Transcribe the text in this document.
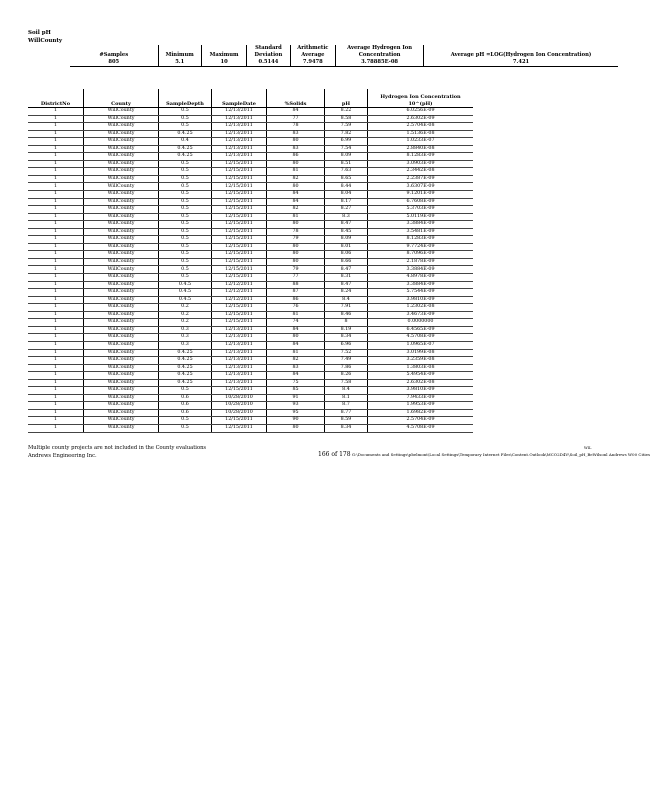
Soil pH
WillCounty
#Samples	Minimum	Maximum	Standard Deviation	Arithmetic Average	Average Hydrogen Ion Concentration	Average pH =LOG(Hydrogen Ion Concentration)
805	5.1	10	0.5144	7.9478	3.78885E-08	7.421
DistrictNo	County	SampleDepth	SampleDate	%Solids	pH	Hydrogen Ion Concentration 10^(pH)
1	WillCounty	0.5	12/13/2011	84	8.22	6.0256E-09
1	WillCounty	0.5	12/13/2011	77	8.58	2.6302E-09
1	WillCounty	0.5	12/13/2011	78	7.59	2.5704E-08
1	WillCounty	0.4.25	12/13/2011	83	7.82	1.5136E-08
1	WillCounty	0.4	12/13/2011	80	6.99	1.0233E-07
1	WillCounty	0.4.25	12/13/2011	83	7.54	2.8840E-08
1	WillCounty	0.4.25	12/13/2011	86	8.09	8.1283E-09
1	WillCounty	0.5	12/15/2011	80	8.51	3.0903E-09
1	WillCounty	0.5	12/15/2011	81	7.63	2.3442E-08
1	WillCounty	0.5	12/15/2011	82	8.65	2.2387E-09
1	WillCounty	0.5	12/15/2011	80	8.44	3.6307E-09
1	WillCounty	0.5	12/15/2011	84	8.04	9.1201E-09
1	WillCounty	0.5	12/15/2011	84	8.17	6.7608E-09
1	WillCounty	0.5	12/15/2011	82	8.27	5.3703E-09
1	WillCounty	0.5	12/15/2011	81	8.3	5.0119E-09
1	WillCounty	0.5	12/15/2011	80	8.47	3.3884E-09
1	WillCounty	0.5	12/15/2011	78	8.45	3.5481E-09
1	WillCounty	0.5	12/15/2011	79	8.09	8.1283E-09
1	WillCounty	0.5	12/15/2011	80	8.01	9.7724E-09
1	WillCounty	0.5	12/15/2011	80	8.06	8.7096E-09
1	WillCounty	0.5	12/15/2011	80	8.66	2.1878E-09
1	WillCounty	0.5	12/15/2011	79	8.47	3.3884E-09
1	WillCounty	0.5	12/15/2011	77	8.31	4.8978E-09
1	WillCounty	0.4.5	12/12/2011	88	8.47	3.3884E-09
1	WillCounty	0.4.5	12/12/2011	87	8.24	5.7544E-09
1	WillCounty	0.4.5	12/12/2011	86	8.4	3.9810E-09
1	WillCounty	0.2	12/15/2011	76	7.91	1.2302E-08
1	WillCounty	0.2	12/15/2011	81	8.46	3.4673E-09
1	WillCounty	0.2	12/15/2011	74	8	0.0000000
1	WillCounty	0.3	12/13/2011	84	8.19	6.4565E-09
1	WillCounty	0.3	12/13/2011	80	8.34	4.5708E-09
1	WillCounty	0.3	12/13/2011	84	6.96	1.0965E-07
1	WillCounty	0.4.25	12/13/2011	81	7.52	3.0199E-08
1	WillCounty	0.4.25	12/13/2011	82	7.49	3.2359E-08
1	WillCounty	0.4.25	12/13/2011	83	7.86	1.3803E-08
1	WillCounty	0.4.25	12/13/2011	84	8.26	5.4954E-09
1	WillCounty	0.4.25	12/13/2011	75	7.58	2.6302E-08
1	WillCounty	0.5	12/15/2011	85	8.4	3.9810E-09
1	WillCounty	0.6	10/28/2010	91	8.1	7.9433E-09
1	WillCounty	0.6	10/28/2010	93	8.7	1.9953E-09
1	WillCounty	0.6	10/28/2010	95	8.77	1.6982E-09
1	WillCounty	0.5	12/15/2011	90	8.59	2.5704E-09
1	WillCounty	0.5	12/15/2011	80	8.34	4.5708E-09
Multiple county projects are not included in the County evaluations
Andrews Engineering Inc.	166 of 178 G:\Documents and Settings\pbelmont\Local Settings\Temporary Internet Files\Content.Outlook\MCO2D4V\Soil_pH_BeWilsonl Andrews W00 Cities
WIL
